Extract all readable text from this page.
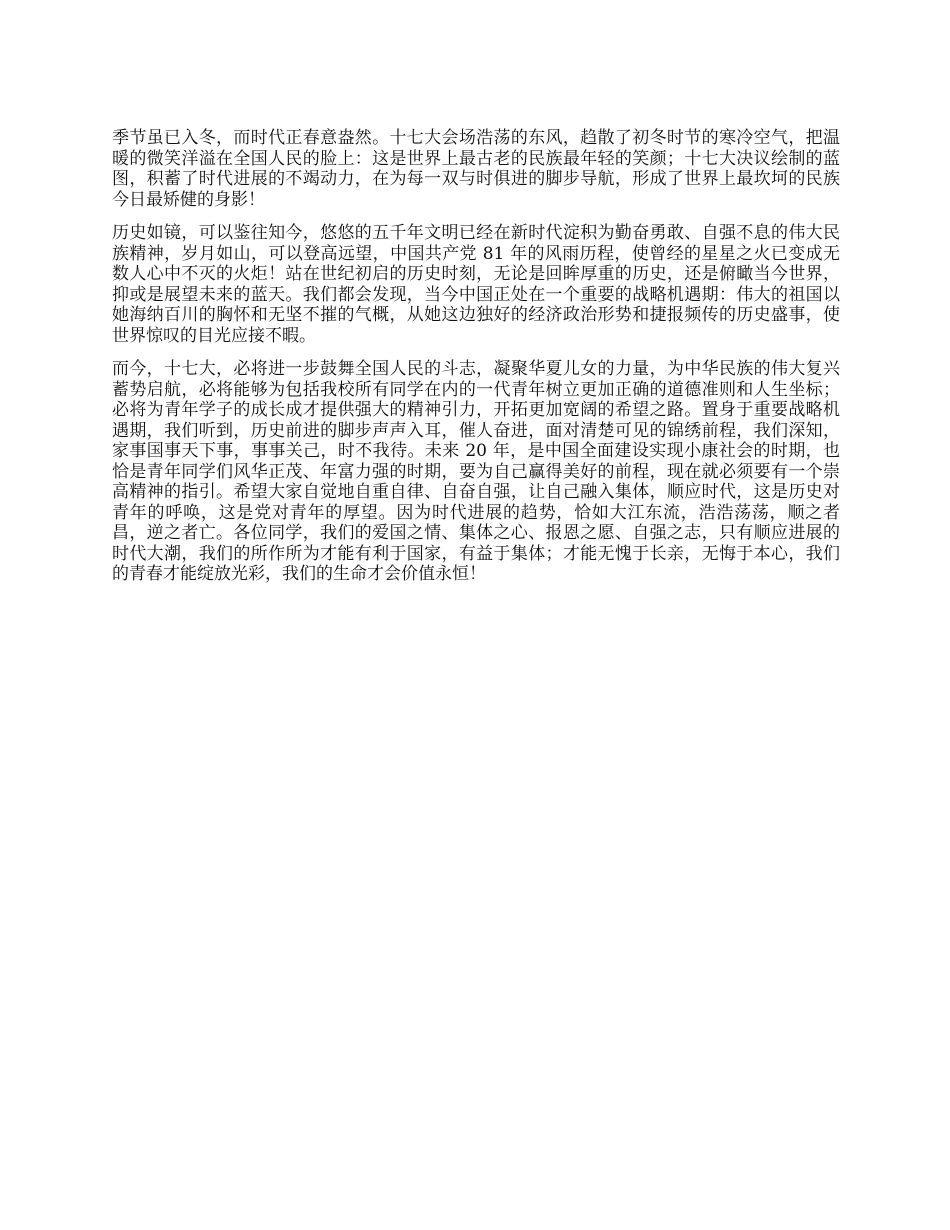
季节虽已入冬，而时代正春意盎然。十七大会场浩荡的东风，趋散了初冬时节的寒冷空气，把温暖的微笑洋溢在全国人民的脸上：这是世界上最古老的民族最年轻的笑颜；十七大决议绘制的蓝图，积蓄了时代进展的不竭动力，在为每一双与时俱进的脚步导航，形成了世界上最坎坷的民族今日最矫健的身影！

历史如镜，可以鉴往知今，悠悠的五千年文明已经在新时代淀积为勤奋勇敢、自强不息的伟大民族精神，岁月如山，可以登高远望，中国共产党 81 年的风雨历程，使曾经的星星之火已变成无数人心中不灭的火炬！站在世纪初启的历史时刻，无论是回眸厚重的历史，还是俯瞰当今世界，抑或是展望未来的蓝天。我们都会发现，当今中国正处在一个重要的战略机遇期：伟大的祖国以她海纳百川的胸怀和无坚不摧的气概，从她这边独好的经济政治形势和捷报频传的历史盛事，使世界惊叹的目光应接不暇。

而今，十七大，必将进一步鼓舞全国人民的斗志，凝聚华夏儿女的力量，为中华民族的伟大复兴蓄势启航，必将能够为包括我校所有同学在内的一代青年树立更加正确的道德准则和人生坐标；必将为青年学子的成长成才提供强大的精神引力，开拓更加宽阔的希望之路。置身于重要战略机遇期，我们听到，历史前进的脚步声声入耳，催人奋进，面对清楚可见的锦绣前程，我们深知，家事国事天下事，事事关己，时不我待。未来 20 年，是中国全面建设实现小康社会的时期，也恰是青年同学们风华正茂、年富力强的时期，要为自己赢得美好的前程，现在就必须要有一个崇高精神的指引。希望大家自觉地自重自律、自奋自强，让自己融入集体，顺应时代，这是历史对青年的呼唤，这是党对青年的厚望。因为时代进展的趋势，恰如大江东流，浩浩荡荡，顺之者昌，逆之者亡。各位同学，我们的爱国之情、集体之心、报恩之愿、自强之志，只有顺应进展的时代大潮，我们的所作所为才能有利于国家，有益于集体；才能无愧于长亲，无悔于本心，我们的青春才能绽放光彩，我们的生命才会价值永恒！
